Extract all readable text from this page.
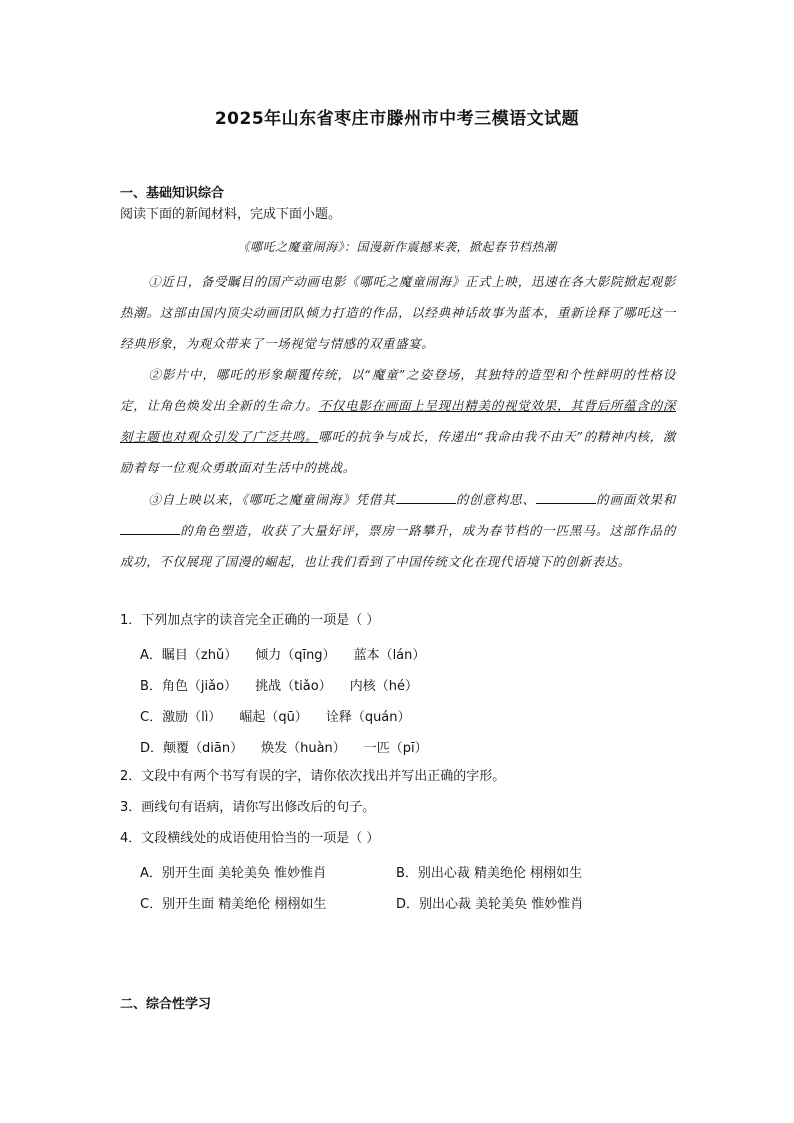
2025年山东省枣庄市滕州市中考三模语文试题
一、基础知识综合
阅读下面的新闻材料，完成下面小题。
《哪吒之魔童闹海》：国漫新作震撼来袭，掀起春节档热潮
①近日，备受瞩目的国产动画电影《哪吒之魔童闹海》正式上映，迅速在各大影院掀起观影热潮。这部由国内顶尖动画团队倾力打造的作品，以经典神话故事为蓝本，重新诠释了哪吒这一经典形象，为观众带来了一场视觉与情感的双重盛宴。
②影片中，哪吒的形象颠覆传统，以“魔童”之姿登场，其独特的造型和个性鲜明的性格设定，让角色焕发出全新的生命力。不仅电影在画面上呈现出精美的视觉效果，其背后所蕴含的深刻主题也对观众引发了广泛共鸣。哪吒的抗争与成长，传递出“我命由我不由天”的精神内核，激励着每一位观众勇敢面对生活中的挑战。
③自上映以来，《哪吒之魔童闹海》凭借其	的创意构思、	的画面效果和的角色塑造，收获了大量好评，票房一路攀升，成为春节档的一匹黑马。这部作品的成功，不仅展现了国漫的崛起，也让我们看到了中国传统文化在现代语境下的创新表达。
1．下列加点字的读音完全正确的一项是（ ）
A．瞩目（zhǔ） 倾力（qīng） 蓝本（lán）
B．角色（jiǎo） 挑战（tiǎo） 内核（hé）
C．激励（lì） 崛起（qū） 诠释（quán）
D．颠覆（diān） 焕发（huàn） 一匹（pī）
2．文段中有两个书写有误的字，请你依次找出并写出正确的字形。
3．画线句有语病，请你写出修改后的句子。
4．文段横线处的成语使用恰当的一项是（ ）
A．别开生面 美轮美奂 惟妙惟肖	B．别出心裁 精美绝伦 栩栩如生
C．别开生面 精美绝伦 栩栩如生	D．别出心裁 美轮美奂 惟妙惟肖
二、综合性学习
